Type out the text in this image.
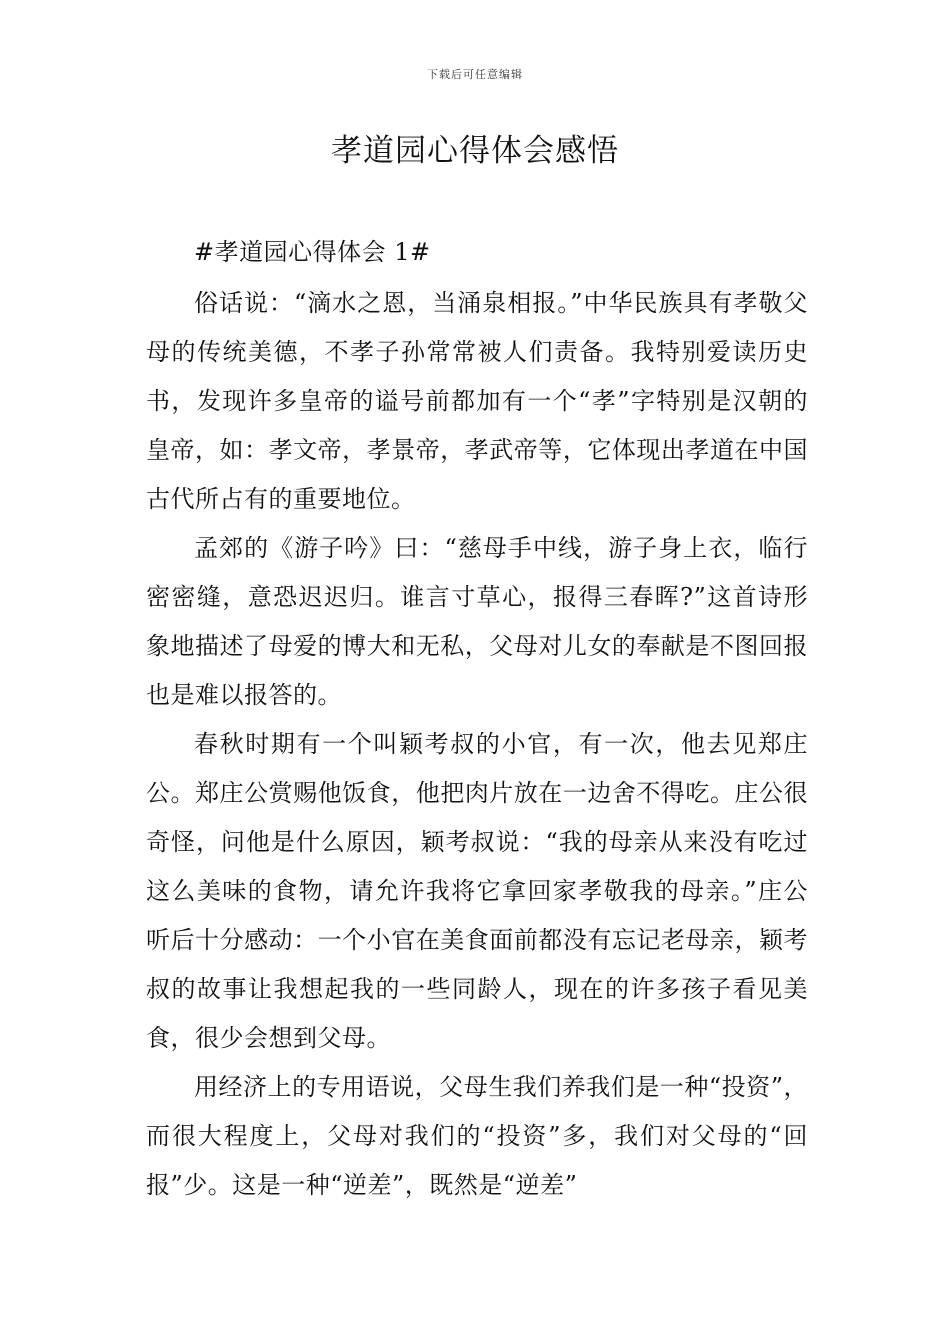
下载后可任意编辑
孝道园心得体会感悟

#孝道园心得体会 1#

俗话说：“滴水之恩，当涌泉相报。”中华民族具有孝敬父母的传统美德，不孝子孙常常被人们责备。我特别爱读历史书，发现许多皇帝的谥号前都加有一个“孝”字特别是汉朝的皇帝，如：孝文帝，孝景帝，孝武帝等，它体现出孝道在中国古代所占有的重要地位。

孟郊的《游子吟》曰：“慈母手中线，游子身上衣，临行密密缝，意恐迟迟归。谁言寸草心，报得三春晖?”这首诗形象地描述了母爱的博大和无私，父母对儿女的奉献是不图回报也是难以报答的。

春秋时期有一个叫颖考叔的小官，有一次，他去见郑庄公。郑庄公赏赐他饭食，他把肉片放在一边舍不得吃。庄公很奇怪，问他是什么原因，颖考叔说：“我的母亲从来没有吃过这么美味的食物，请允许我将它拿回家孝敬我的母亲。”庄公听后十分感动：一个小官在美食面前都没有忘记老母亲，颖考叔的故事让我想起我的一些同龄人，现在的许多孩子看见美食，很少会想到父母。

用经济上的专用语说，父母生我们养我们是一种“投资”，而很大程度上，父母对我们的“投资”多，我们对父母的“回报”少。这是一种“逆差”，既然是“逆差”
